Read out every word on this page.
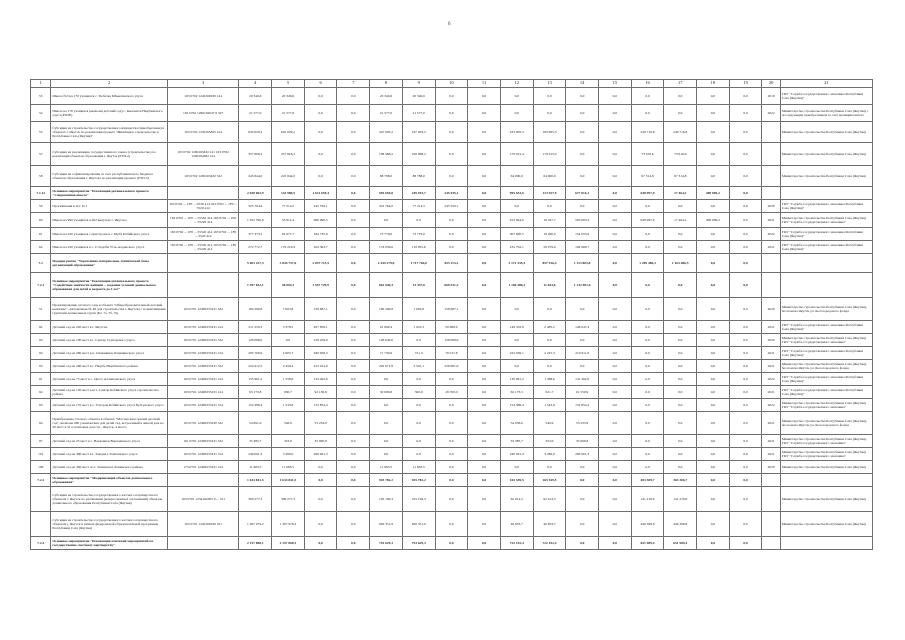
6
1	2	3	4	5	6	7	8	9	10	11	12	13	14	15	16	17	18	19	20	21
53	Школа №3 на 170 учащихся с. Тюбетка Ыбыкгинского улуса	163 0702 1240160230 414	20 340,6	20 340,6	0,0	0,0	20 340,6	20 340,6	0,0	0,0	0,0	0,0	0,0	0,0	0,0	0,0	0,0	0,0	2018	ГКУ "Служба государственного заказчика Республики Саха (Якутия)"
54	Школа на 170 учащихся (включая детский сад) с. Кыланаха Нюрбинского улуса (РОЗЕ)	163 0702 1290162047 0 327	21 577,0	21 577,0	0,0	0,0	21 577,0	21 577,0	0,0	0,0	0,0	0,0	0,0	0,0	0,0	0,0	0,0	0,0	2022	Министерство строительства Республики Саха (Якутия) с последующим приобретением за счет муниципалитета
55	Субсидия на строительство государственного имущества (приобретение) в объектах г. Якутск по реализации проекта "Жилищное строительство в Республике Саха (Якутия)"	163 0702 1230165825 414	845 629,2	645 629,2	0,0	0,0	347 003,2	197 003,2	0,0	0,0	183 905,3	183 905,3	0,0	0,0	249 716,8	249 716,8	0,0	0,0		Министерство строительства Республики Саха (Якутия)
57	Субсидия на реализацию государственного заказа (строительство) по реализации объектов образования г. Якутск (РТП-2)	163 0702 1290163432 411 163 0702 1290164382 414	357 808,2	257 818,2	0,0	0,0	108 968,2	108 968,2	0,0	0,0	179 615,4	179 615,4	0,0	0,0	73 616,6	73 616,6	0,0	0,0		Министерство строительства Республики Саха (Якутия)
58	Субсидия на софинансирование за счет республиканского бюджета объектов образования г. Якутска по реализации проекта (РТП-3)	163 0702 1290163432 522	245 844,0	245 844,0	0,0	0,0	88 788,0	88 788,0	0,0	0,0	64 000,0	64 000,0	0,0	0,0	97 314,8	97 314,8	0,0	0,0		Министерство строительства Республики Саха (Якутия)
7.1.12	Основное мероприятие "Реализация регионального проекта "Современная школа"		2 038 063,9	133 980,5	1 621 659,4	0,0	659 659,8	249 015,7	245 045,1	0,0	995 633,6	123 927,9	677 016,1	0,0	648 997,9	17 464,2	408 009,2	0,0		
59	Прогимназия в пгт. П-1	163 0702 ... 1F0 ... 0530 414 163 0702 ... 1F0 ... 5520 414	323 764,6	77 214,5	245 550,1	0,0	322 764,6	77 214,5	245 550,1	0,0	0,0	0,0	0,0	0,0	0,0	0,0	0,0	0,0	2020	ГКУ "Служба государственного заказчика Республики Саха (Якутия)"
60	Школа на 990 учащихся в 202 квартале г. Якутска	163 0702 ... 1F0 ... 55520 414 163 0702 ... 1E0 ... 55220 414	1 052 790,9	33 812,4	986 990,5	0,0	0,0	0,0	0,0	0,0	613 844,0	18 247,7	595 603,3	0,0	648 997,9	17 464,2	408 009,2	0,0	2021	Министерство строительства Республики Саха (Якутия) ГКУ "Служба государственного заказчика"
61	Школа на 220 учащихся с пристроем в с. Ырба Кобяйского улуса	163 0702 ... 1F0 ... 55520 414 163 0702 ... 1F0 ... 5520 414	377 373,5	92 677,7	184 735,9	0,0	73 776,0	73 776,0	0,0	0,0	307 600,5	19 400,0	154 053,6	0,0	0,0	0,0	0,0	0,0	2022	ГКУ "Служба государственного заказчика Республики Саха (Якутия)"
62	Школа на 220 учащихся в с. Сттероби Усть-Алданского улуса	163 0702 ... 1F0 ... 55520 414 163 0702 ... 1F0 ... 55220 414	272 772,7	179 219,9	104 363,7	0,0	153 059,6	119 855,6	0,0	0,0	233 792,1	59 079,6	194 969,7	0,0	0,0	0,0	0,0	0,0	2021	ГКУ "Служба государственного заказчика Республики Саха (Якутия)"
7.2	Подпрограмма "Укрепление материально-технической базы организаций образования"		5 903 227,3	3 844 757,6	2 037 715,5	0,0	2 344 279,0	1 717 764,0	825 113,2	0,0	2 172 335,3	857 916,4	1 113 803,8	0,0	1 209 486,3	1 163 486,3	0,0	0,0		
7.2.1	Основное мероприятие "Реализация регионального проекта "Содействие занятости женщин – создание условий дошкольного образования для детей в возрасте до 3 лет"		1 597 822,1	30 092,2	1 557 729,9	0,0	661 040,3	13 437,6	660 531,2	0,0	1 160 486,2	11 654,6	1 132 901,6	0,0	0,0	0,0	0,0	0,0		
51	Проектирование детского сада в объекте "Общеобразовательный детский комплекс". Автономная № 46 для строительства г. Якутска с нормативными группами дошкольных групп (Бл. 7а, 7б, 7в)	163 0701 1240P255231 522	160 290,8	7 603,8	158 687,1	0,0	160 290,8	1 602,8	158 687,1	0,0	0,0	0,0	0,0	0,0	0,0	0,0	0,0	0,0	2020	Министерство строительства Республики Саха (Якутия), без поиска Якутск-ул. Кологородского фонда
92	Детский сад на 220 мест в г. Якутске	163 0701 1240P255231 414	211 250,3	3 378,5	207 858,1	0,0	61 690,4	1 022,3	59 688,0	0,0	149 332,8	2 485,2	148 047,4	0,0	0,0	0,0	0,0	0,0	2021	ГКУ "Служба государственного заказчика Республики Саха (Якутия)"
93	Детский сад на 190 мест в г. Сунтар Сунтарского улуса	163 0701 1240P255231 522	128 088,0	0,0	128 459,0	0,0	128 640,0	0,0	128 088,0	0,0	0,0	0,0	0,0	0,0	0,0	0,0	0,0	0,0	2020	Министерство строительства Республики Саха (Якутия) ГКУ "Служба государственного заказчика"
94	Детский сад на 260 мест в п. Олекминск Олекминского улуса	163 0701 1240P255231 414	295 766,9	2 905,7	290 958,3	0,0	71 730,0	721,3	70 017,8	0,0	222 036,1	2 225,3	219 911,0	0,0	0,0	0,0	0,0	0,0	2021	ГКУ "Служба государственного заказчика Республики Саха (Якутия)"
95	Детский сад на 260 мест в г. Нюрба Нюрбинского района	163 0701 1240P255231 522	224 912,5	2 458,4	223 454,0	0,0	220 971,8	2 591,1	220 981,0	0,0	0,0	0,0	0,0	0,0	0,0	0,0	0,0	0,0	2021	Министерство строительства Республики Саха (Якутия), без поиска Якутск-ул. Кологородского фонда
91	Детский сад на 75 мест в с. Оргот Аллаиховского улуса	163 0701 1240P255231 414	135 961,2	1 558,6	134 492,6	0,0	0,0	0,0	0,0	0,0	130 961,2	1 368,6	131 492,6	0,0	0,0	0,0	0,0	0,0	2022	ГКУ "Служба государственного заказчика Республики Саха (Якутия)"
92	Детский сад на 120 мест в пгт. Сангар Кобяйского улуса строительство района	163 0701 1240P255231 414	93 170,8	930,7	92 138,8	0,0	30 606,8	300,0	29 700,0	0,0	62 173,5	621,7	61 550,9	0,0	0,0	0,0	0,0	0,0	2021	ГКУ "Служба государственного заказчика Республики Саха (Якутия)"
93	Детский сад на 155 мест в с. Топорок Кобяйского улуса Булгунского улуса	163 0701 1240P255231 514	154 388,4	1 543,8	152 854,4	0,0	0,0	0,0	0,0	0,0	154 388,4	1 543,8	152 854,4	0,0	0,0	0,0	0,0	0,0	2022	Министерство строительства Республики Саха (Якутия) ГКУ "Служба государственного заказчика"
94	Приобретение готового объекта в объекте "Мастерская горячей детский сад", включая 260 ученических для детей сад, встроенный в жилой дом на 50 мест в 51 п пантовых для стр., Якутск, 4 место	163 0701 1240P255230 522	54 691,0	546,9	53 234,9	0,0	0,0	0,0	0,0	0,0	54 058,0	540,9	53 233,9	0,0	0,0	0,0	0,0	0,0	2021	Министерство строительства Республики Саха (Якутия), без поиска Якутск-ул. Кологородского фонда
97	Детский сад на 25 мест в с. Верхоянск Верхоянского улуса	161 0701 1240P255231 522	35 385,7	353,9	35 000,8	0,0	0,0	0,0	0,0	0,0	35 385,7	353,9	35 000,8	0,0	0,0	0,0	0,0	0,0	2021	Министерство строительства Республики Саха (Якутия). ГКУ "Служба государственного заказчика"
101	Детский сад на 300 мест в г. Хандыга Томпонского улуса	163 0701 1240P255231 514	240 091,3	3 289,0	266 901,3	0,0	0,0	0,0	0,0	0,0	240 091,3	3 289,0	266 901,3	0,0	0,0	0,0	0,0	0,0	2021	Министерство строительства Республики Саха (Якутия) ГКУ "Служба государственного заказчика"
106	Детский сад на 340 мест по г. Ленинское Ленинского района	173 0701 1240P255231 414	11 663,5	11 663,5	0,0	0,0	11 663,5	11 663,5	0,0	0,0	0,0	0,0	0,0	0,0	0,0	0,0	0,0	0,0	2020	Министерство строительства Республики Саха (Якутия)
7.2.2	Основное мероприятие "Модернизация объектов дошкольного образования"		1 634 841,5	1 634 841,5	0,0	0,0	925 782,2	925 782,2	0,0	0,0	165 549,5	165 549,5	0,0	0,0	483 309,7	363 306,7	0,0	0,0		
	Субсидия на строительство государственного частного партнерства по объектам г. Якутск по реализации (концессионных соглашений) объектов дошкольного образования Республики Саха (Якутия)	163 0701 1234162305 0 ... 511	309 277,3	309 277,3	0,0	0,0	105 199,3	105 199,3	0,0	0,0	62 914,5	62 914,5	0,0	0,0	141 218,6	141 218,6	0,0	0,0		Министерство строительства Республики Саха (Якутия)
	Субсидия на строительство государственного частного партнерства по объектам г. Якутск в рамках федеральной образовательной программы Республики Саха (Якутия)	163 0701 1240160230 321	1 307 979,2	1 307 979,2	0,0	0,0	820 351,9	820 351,9	0,0	0,0	40 853,7	40 853,7	0,0	0,0	446 398,8	446 398,8	0,0	0,0		Министерство строительства Республики Саха (Якутия)
7.2.3	Основное мероприятие "Реализация платежей мероприятий по государственно-частному партнерству"		2 157 808,1	2 157 808,1	0,0	0,0	753 629,3	753 629,3	0,0	0,0	722 192,4	722 192,4	0,0	0,0	651 989,4	651 989,4	0,0	0,0		
